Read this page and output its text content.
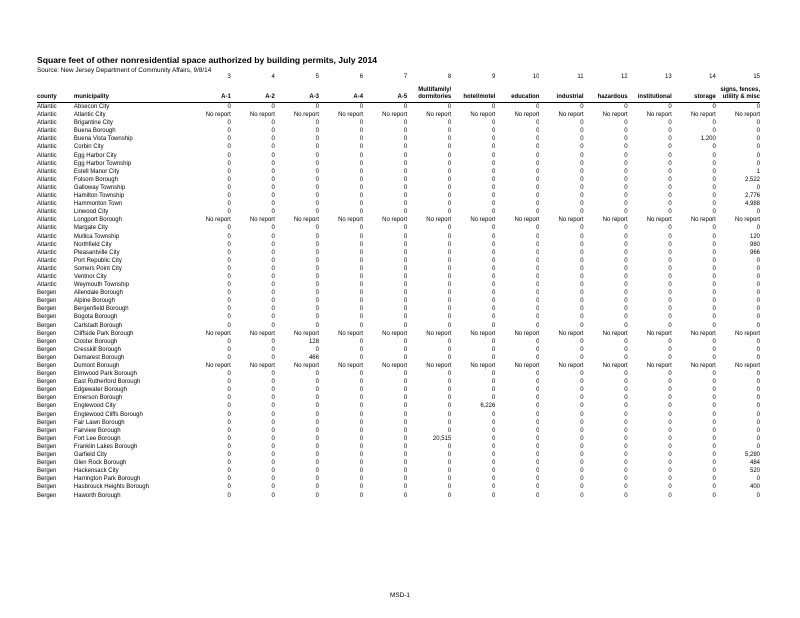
Square feet of other nonresidential space authorized by building permits, July 2014
Source: New Jersey Department of Community Affairs, 9/8/14
		3	4	5	6	7	8	9	10	11	12	13	14	15
county	municipality	A-1	A-2	A-3	A-4	A-5	Multifamily/ dormitories	hotel/motel	education	industrial	hazardous	institutional	storage	signs, fences, utility & misc

Atlantic	Absecon City	0	0	0	0	0	0	0	0	0	0	0	0	0
Atlantic	Atlantic City	No report	No report	No report	No report	No report	No report	No report	No report	No report	No report	No report	No report	No report
Atlantic	Brigantine City	0	0	0	0	0	0	0	0	0	0	0	0	0
Atlantic	Buena Borough	0	0	0	0	0	0	0	0	0	0	0	0	0
Atlantic	Buena Vista Township	0	0	0	0	0	0	0	0	0	0	0	1,200	0
Atlantic	Corbin City	0	0	0	0	0	0	0	0	0	0	0	0	0
Atlantic	Egg Harbor City	0	0	0	0	0	0	0	0	0	0	0	0	0
Atlantic	Egg Harbor Township	0	0	0	0	0	0	0	0	0	0	0	0	0
Atlantic	Estell Manor City	0	0	0	0	0	0	0	0	0	0	0	0	1
Atlantic	Folsom Borough	0	0	0	0	0	0	0	0	0	0	0	0	2,522
Atlantic	Galloway Township	0	0	0	0	0	0	0	0	0	0	0	0	0
Atlantic	Hamilton Township	0	0	0	0	0	0	0	0	0	0	0	0	2,776
Atlantic	Hammonton Town	0	0	0	0	0	0	0	0	0	0	0	0	4,988
Atlantic	Linwood City	0	0	0	0	0	0	0	0	0	0	0	0	0
Atlantic	Longport Borough	No report	No report	No report	No report	No report	No report	No report	No report	No report	No report	No report	No report	No report
Atlantic	Margate City	0	0	0	0	0	0	0	0	0	0	0	0	0
Atlantic	Mullica Township	0	0	0	0	0	0	0	0	0	0	0	0	120
Atlantic	Northfield City	0	0	0	0	0	0	0	0	0	0	0	0	980
Atlantic	Pleasantville City	0	0	0	0	0	0	0	0	0	0	0	0	966
Atlantic	Port Republic City	0	0	0	0	0	0	0	0	0	0	0	0	0
Atlantic	Somers Point City	0	0	0	0	0	0	0	0	0	0	0	0	0
Atlantic	Ventnor City	0	0	0	0	0	0	0	0	0	0	0	0	0
Atlantic	Weymouth Township	0	0	0	0	0	0	0	0	0	0	0	0	0
Bergen	Allendale Borough	0	0	0	0	0	0	0	0	0	0	0	0	0
Bergen	Alpine Borough	0	0	0	0	0	0	0	0	0	0	0	0	0
Bergen	Bergenfield Borough	0	0	0	0	0	0	0	0	0	0	0	0	0
Bergen	Bogota Borough	0	0	0	0	0	0	0	0	0	0	0	0	0
Bergen	Carlstadt Borough	0	0	0	0	0	0	0	0	0	0	0	0	0
Bergen	Cliffside Park Borough	No report	No report	No report	No report	No report	No report	No report	No report	No report	No report	No report	No report	No report
Bergen	Closter Borough	0	0	128	0	0	0	0	0	0	0	0	0	0
Bergen	Cresskill Borough	0	0	0	0	0	0	0	0	0	0	0	0	0
Bergen	Demarest Borough	0	0	466	0	0	0	0	0	0	0	0	0	0
Bergen	Dumont Borough	No report	No report	No report	No report	No report	No report	No report	No report	No report	No report	No report	No report	No report
Bergen	Elmwood Park Borough	0	0	0	0	0	0	0	0	0	0	0	0	0
Bergen	East Rutherford Borough	0	0	0	0	0	0	0	0	0	0	0	0	0
Bergen	Edgewater Borough	0	0	0	0	0	0	0	0	0	0	0	0	0
Bergen	Emerson Borough	0	0	0	0	0	0	0	0	0	0	0	0	0
Bergen	Englewood City	0	0	0	0	0	0	6,226	0	0	0	0	0	0
Bergen	Englewood Cliffs Borough	0	0	0	0	0	0	0	0	0	0	0	0	0
Bergen	Fair Lawn Borough	0	0	0	0	0	0	0	0	0	0	0	0	0
Bergen	Fairview Borough	0	0	0	0	0	0	0	0	0	0	0	0	0
Bergen	Fort Lee Borough	0	0	0	0	0	20,515	0	0	0	0	0	0	0
Bergen	Franklin Lakes Borough	0	0	0	0	0	0	0	0	0	0	0	0	0
Bergen	Garfield City	0	0	0	0	0	0	0	0	0	0	0	0	5,280
Bergen	Glen Rock Borough	0	0	0	0	0	0	0	0	0	0	0	0	484
Bergen	Hackensack City	0	0	0	0	0	0	0	0	0	0	0	0	520
Bergen	Harrington Park Borough	0	0	0	0	0	0	0	0	0	0	0	0	0
Bergen	Hasbrouck Heights Borough	0	0	0	0	0	0	0	0	0	0	0	0	400
Bergen	Haworth Borough	0	0	0	0	0	0	0	0	0	0	0	0	0
MSD-1
